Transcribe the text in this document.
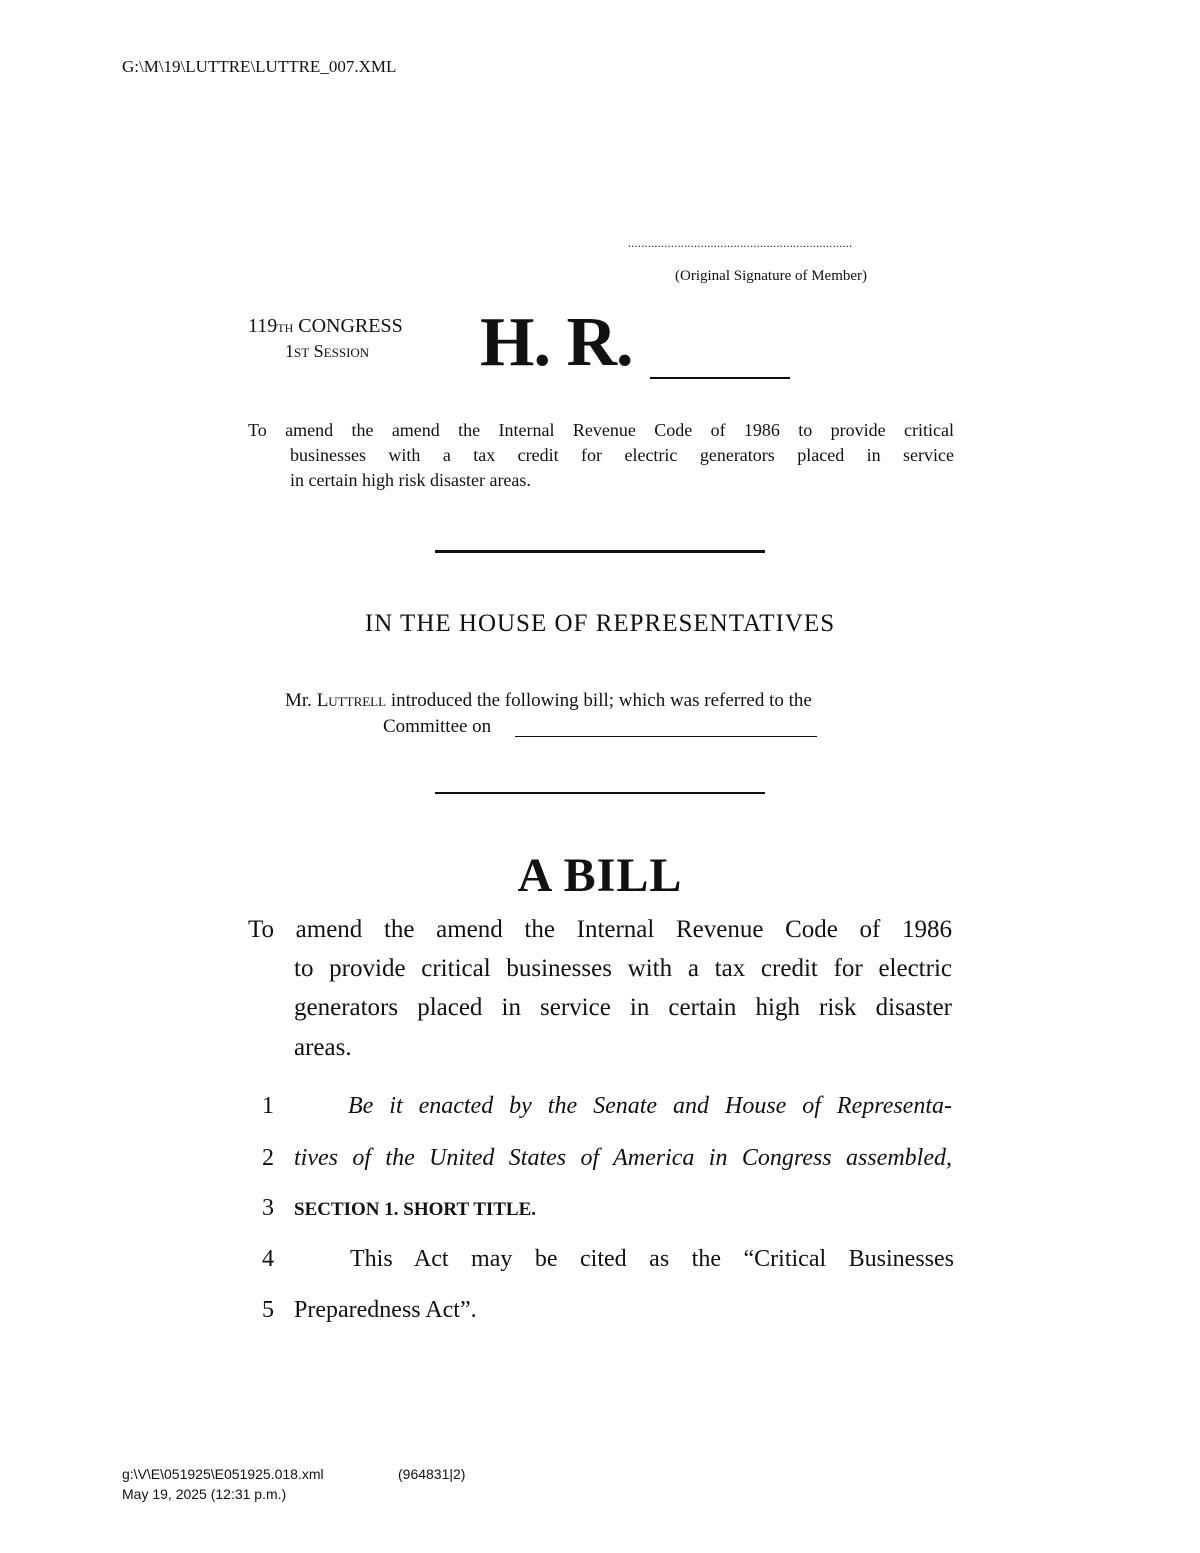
G:\M\19\LUTTRE\LUTTRE_007.XML
....................................................................
(Original Signature of Member)
119th CONGRESS
1st Session H. R.
To amend the amend the Internal Revenue Code of 1986 to provide critical
businesses with a tax credit for electric generators placed in service
in certain high risk disaster areas.
IN THE HOUSE OF REPRESENTATIVES
Mr. Luttrell introduced the following bill; which was referred to the
Committee on
A BILL
To amend the amend the Internal Revenue Code of 1986
to provide critical businesses with a tax credit for electric
generators placed in service in certain high risk disaster
areas.
1
2
3
4
5
Be it enacted by the Senate and House of Representa-
tives of the United States of America in Congress assembled,
SECTION 1. SHORT TITLE.
This Act may be cited as the “Critical Businesses
Preparedness Act”.
g:\V\E\051925\E051925.018.xml	(964831|2)
May 19, 2025 (12:31 p.m.)
